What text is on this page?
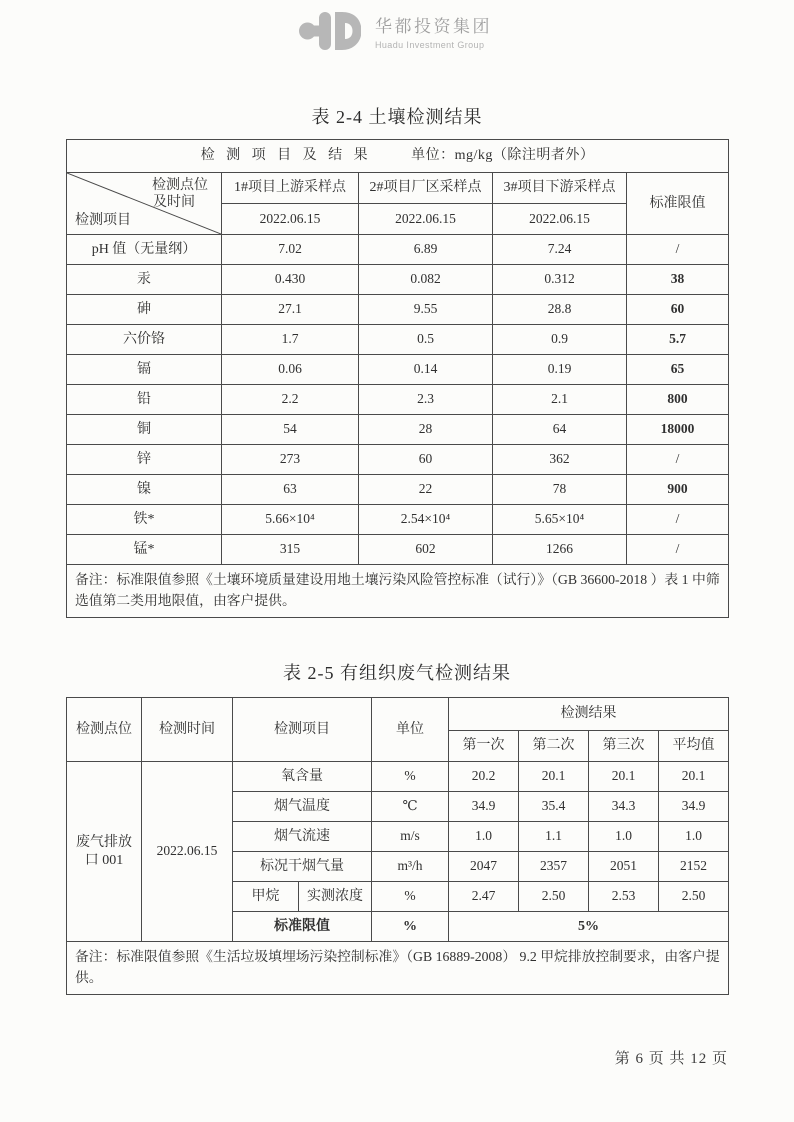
华都投资集团
Huadu Investment Group
表 2-4 土壤检测结果
检 测 项 目 及 结 果 单位：mg/kg（除注明者外）				

检测点位
及时间
检测项目	1#项目上游采样点	2#项目厂区采样点	3#项目下游采样点	标准限值
	2022.06.15	2022.06.15	2022.06.15	
pH 值（无量纲）	7.02	6.89	7.24	/
汞	0.430	0.082	0.312	38
砷	27.1	9.55	28.8	60
六价铬	1.7	0.5	0.9	5.7
镉	0.06	0.14	0.19	65
铅	2.2	2.3	2.1	800
铜	54	28	64	18000
锌	273	60	362	/
镍	63	22	78	900
铁*	5.66×10⁴	2.54×10⁴	5.65×10⁴	/
锰*	315	602	1266	/
备注：标准限值参照《土壤环境质量建设用地土壤污染风险管控标准（试行）》（GB 36600-2018 ）表 1 中筛选值第二类用地限值，由客户提供。				
表 2-5 有组织废气检测结果
检测点位	检测时间	检测项目		单位	检测结果			
					第一次	第二次	第三次	平均值
废气排放口 001	2022.06.15	氧含量		%	20.2	20.1	20.1	20.1
		烟气温度		℃	34.9	35.4	34.3	34.9
		烟气流速		m/s	1.0	1.1	1.0	1.0
		标况干烟气量		m³/h	2047	2357	2051	2152
		甲烷	实测浓度	%	2.47	2.50	2.53	2.50
		标准限值		%	5%			
备注：标准限值参照《生活垃圾填埋场污染控制标准》（GB 16889-2008） 9.2 甲烷排放控制要求，由客户提供。								
第 6 页 共 12 页
